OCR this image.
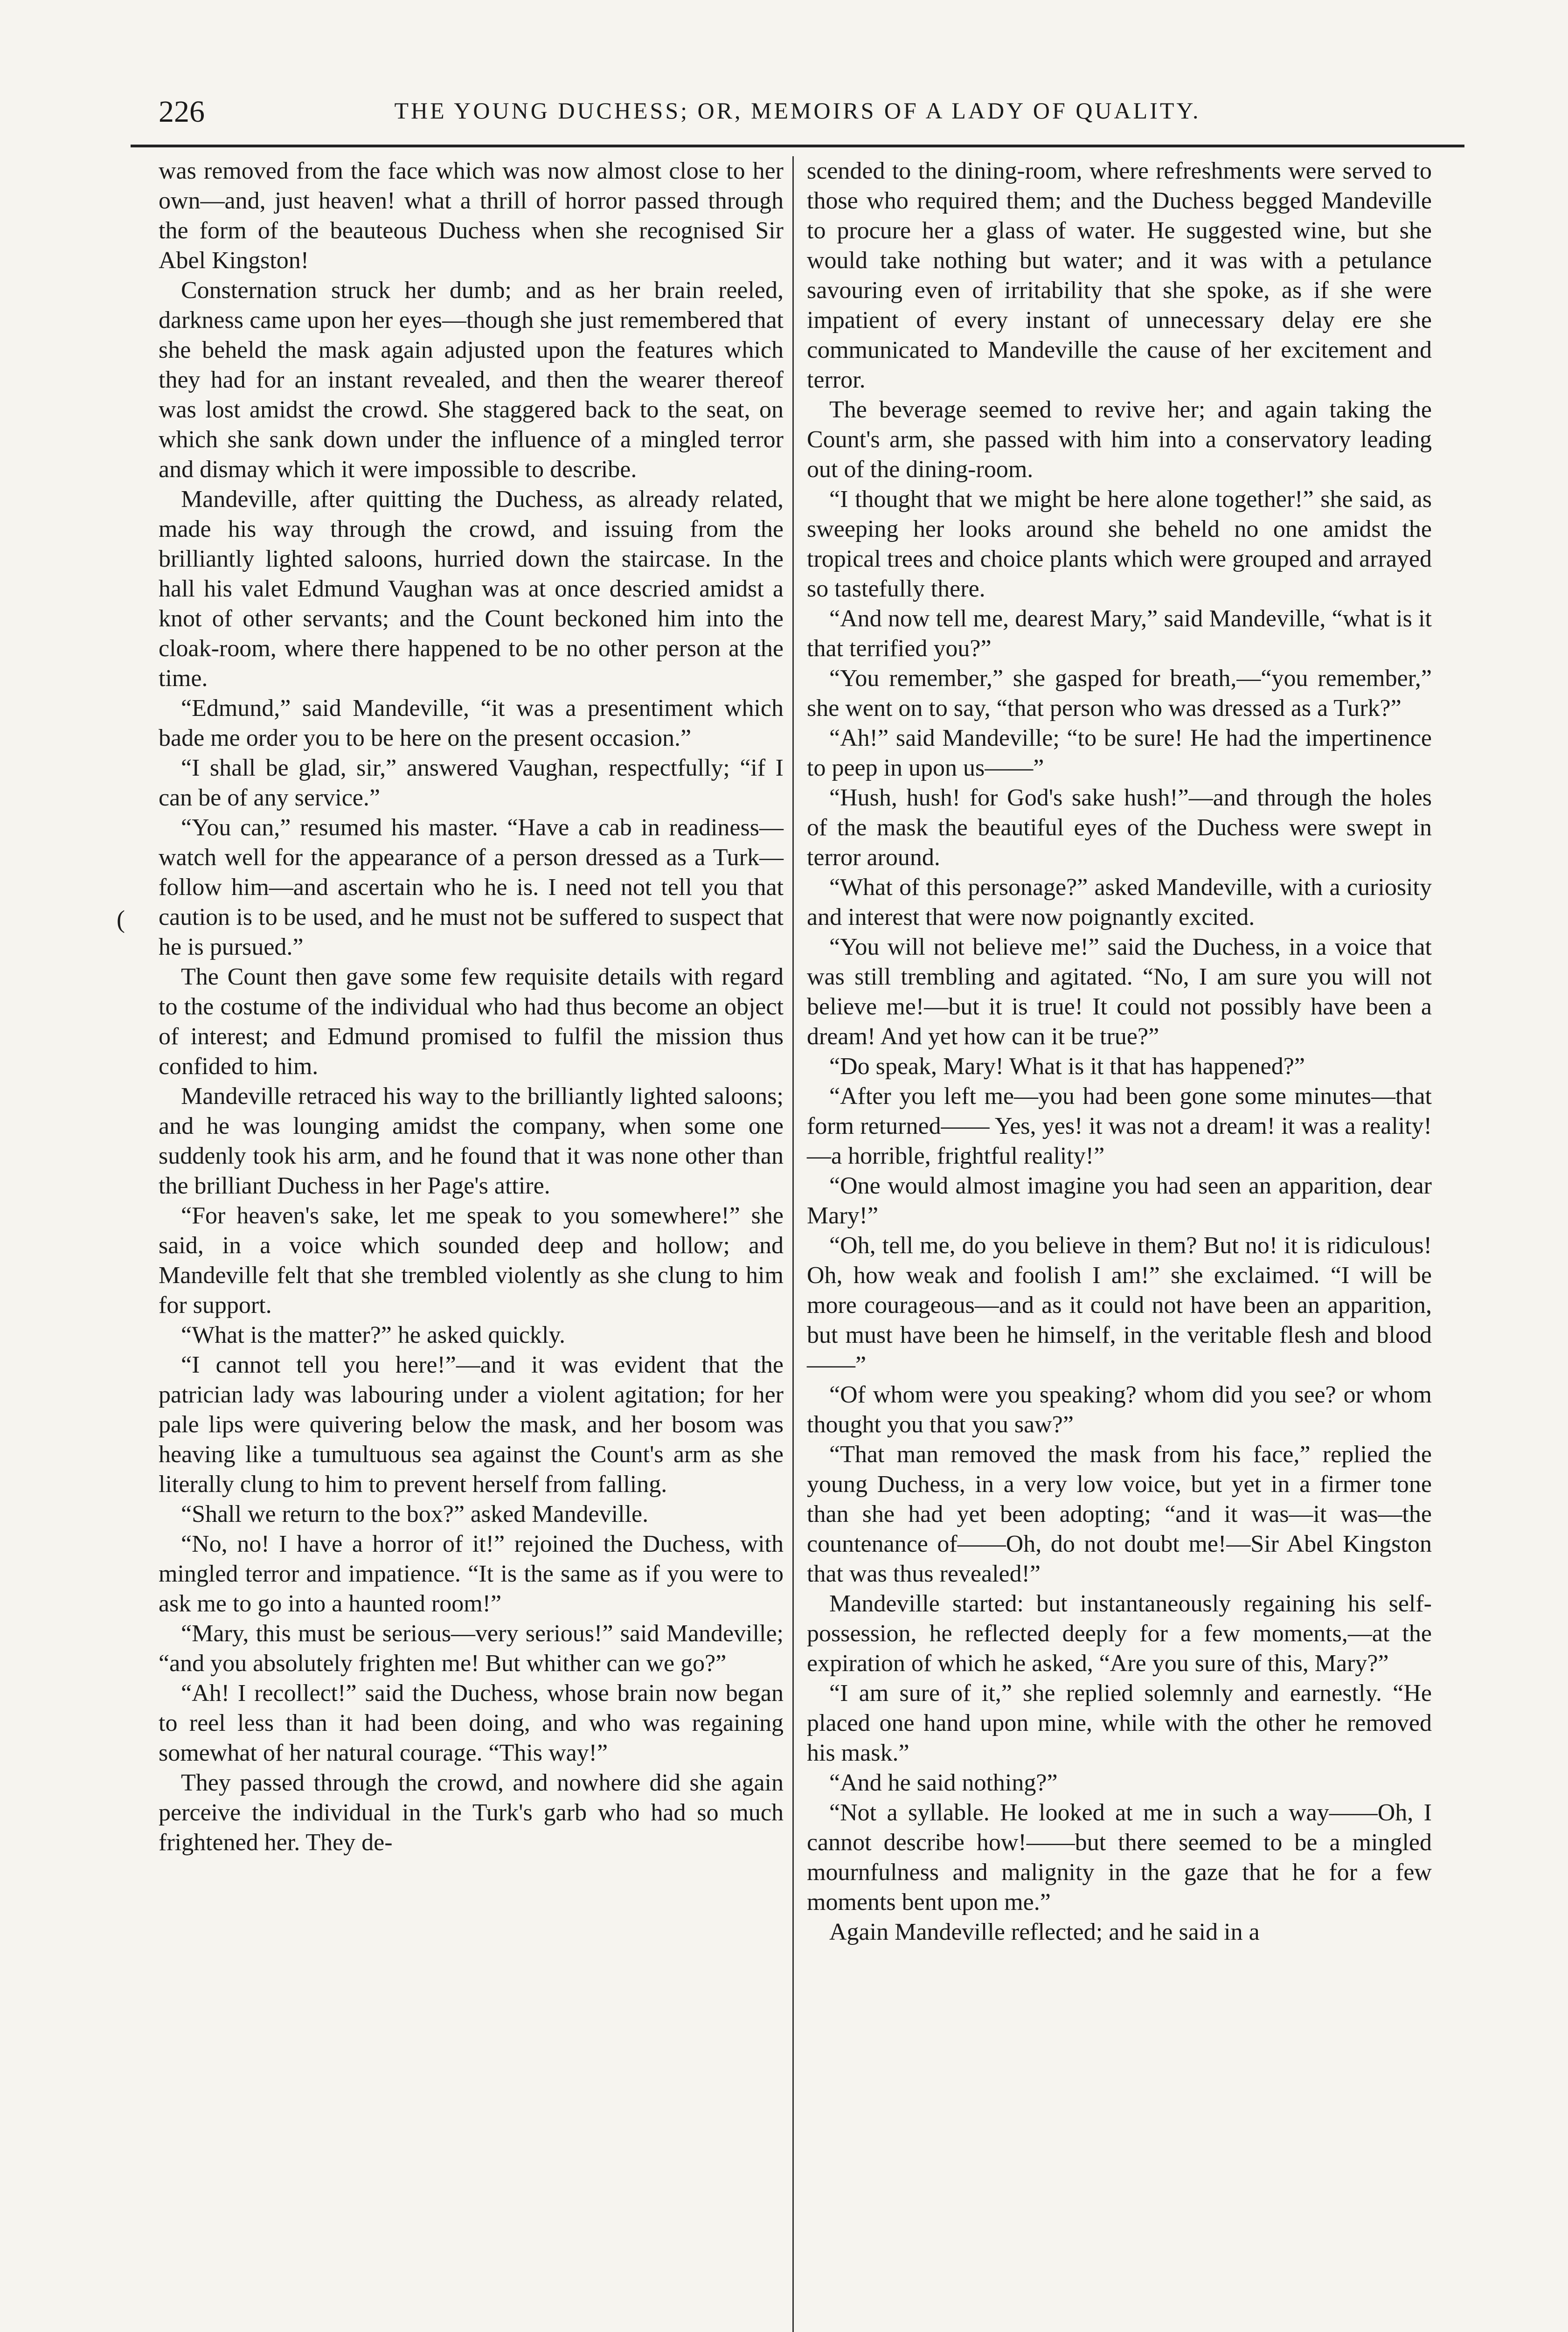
226	THE YOUNG DUCHESS; OR, MEMOIRS OF A LADY OF QUALITY.
(

was removed from the face which was now almost close to her own—and, just heaven! what a thrill of horror passed through the form of the beauteous Duchess when she recognised Sir Abel Kingston!

Consternation struck her dumb; and as her brain reeled, darkness came upon her eyes—though she just remembered that she beheld the mask again adjusted upon the features which they had for an instant revealed, and then the wearer thereof was lost amidst the crowd. She staggered back to the seat, on which she sank down under the influence of a mingled terror and dismay which it were impossible to describe.

Mandeville, after quitting the Duchess, as already related, made his way through the crowd, and issuing from the brilliantly lighted saloons, hurried down the staircase. In the hall his valet Edmund Vaughan was at once descried amidst a knot of other servants; and the Count beckoned him into the cloak-room, where there happened to be no other person at the time.

“Edmund,” said Mandeville, “it was a presentiment which bade me order you to be here on the present occasion.”

“I shall be glad, sir,” answered Vaughan, respectfully; “if I can be of any service.”

“You can,” resumed his master. “Have a cab in readiness—watch well for the appearance of a person dressed as a Turk—follow him—and ascertain who he is. I need not tell you that caution is to be used, and he must not be suffered to suspect that he is pursued.”

The Count then gave some few requisite details with regard to the costume of the individual who had thus become an object of interest; and Edmund promised to fulfil the mission thus confided to him.

Mandeville retraced his way to the brilliantly lighted saloons; and he was lounging amidst the company, when some one suddenly took his arm, and he found that it was none other than the brilliant Duchess in her Page's attire.

“For heaven's sake, let me speak to you somewhere!” she said, in a voice which sounded deep and hollow; and Mandeville felt that she trembled violently as she clung to him for support.

“What is the matter?” he asked quickly.

“I cannot tell you here!”—and it was evident that the patrician lady was labouring under a violent agitation; for her pale lips were quivering below the mask, and her bosom was heaving like a tumultuous sea against the Count's arm as she literally clung to him to prevent herself from falling.

“Shall we return to the box?” asked Mandeville.

“No, no! I have a horror of it!” rejoined the Duchess, with mingled terror and impatience. “It is the same as if you were to ask me to go into a haunted room!”

“Mary, this must be serious—very serious!” said Mandeville; “and you absolutely frighten me! But whither can we go?”

“Ah! I recollect!” said the Duchess, whose brain now began to reel less than it had been doing, and who was regaining somewhat of her natural courage. “This way!”

They passed through the crowd, and nowhere did she again perceive the individual in the Turk's garb who had so much frightened her. They de-

scended to the dining-room, where refreshments were served to those who required them; and the Duchess begged Mandeville to procure her a glass of water. He suggested wine, but she would take nothing but water; and it was with a petulance savouring even of irritability that she spoke, as if she were impatient of every instant of unnecessary delay ere she communicated to Mandeville the cause of her excitement and terror.

The beverage seemed to revive her; and again taking the Count's arm, she passed with him into a conservatory leading out of the dining-room.

“I thought that we might be here alone together!” she said, as sweeping her looks around she beheld no one amidst the tropical trees and choice plants which were grouped and arrayed so tastefully there.

“And now tell me, dearest Mary,” said Mandeville, “what is it that terrified you?”

“You remember,” she gasped for breath,—“you remember,” she went on to say, “that person who was dressed as a Turk?”

“Ah!” said Mandeville; “to be sure! He had the impertinence to peep in upon us——”

“Hush, hush! for God's sake hush!”—and through the holes of the mask the beautiful eyes of the Duchess were swept in terror around.

“What of this personage?” asked Mandeville, with a curiosity and interest that were now poignantly excited.

“You will not believe me!” said the Duchess, in a voice that was still trembling and agitated. “No, I am sure you will not believe me!—but it is true! It could not possibly have been a dream! And yet how can it be true?”

“Do speak, Mary! What is it that has happened?”

“After you left me—you had been gone some minutes—that form returned—— Yes, yes! it was not a dream! it was a reality!—a horrible, frightful reality!”

“One would almost imagine you had seen an apparition, dear Mary!”

“Oh, tell me, do you believe in them? But no! it is ridiculous! Oh, how weak and foolish I am!” she exclaimed. “I will be more courageous—and as it could not have been an apparition, but must have been he himself, in the veritable flesh and blood——”

“Of whom were you speaking? whom did you see? or whom thought you that you saw?”

“That man removed the mask from his face,” replied the young Duchess, in a very low voice, but yet in a firmer tone than she had yet been adopting; “and it was—it was—the countenance of——Oh, do not doubt me!—Sir Abel Kingston that was thus revealed!”

Mandeville started: but instantaneously regaining his self-possession, he reflected deeply for a few moments,—at the expiration of which he asked, “Are you sure of this, Mary?”

“I am sure of it,” she replied solemnly and earnestly. “He placed one hand upon mine, while with the other he removed his mask.”

“And he said nothing?”

“Not a syllable. He looked at me in such a way——Oh, I cannot describe how!——but there seemed to be a mingled mournfulness and malignity in the gaze that he for a few moments bent upon me.”

Again Mandeville reflected; and he said in a
